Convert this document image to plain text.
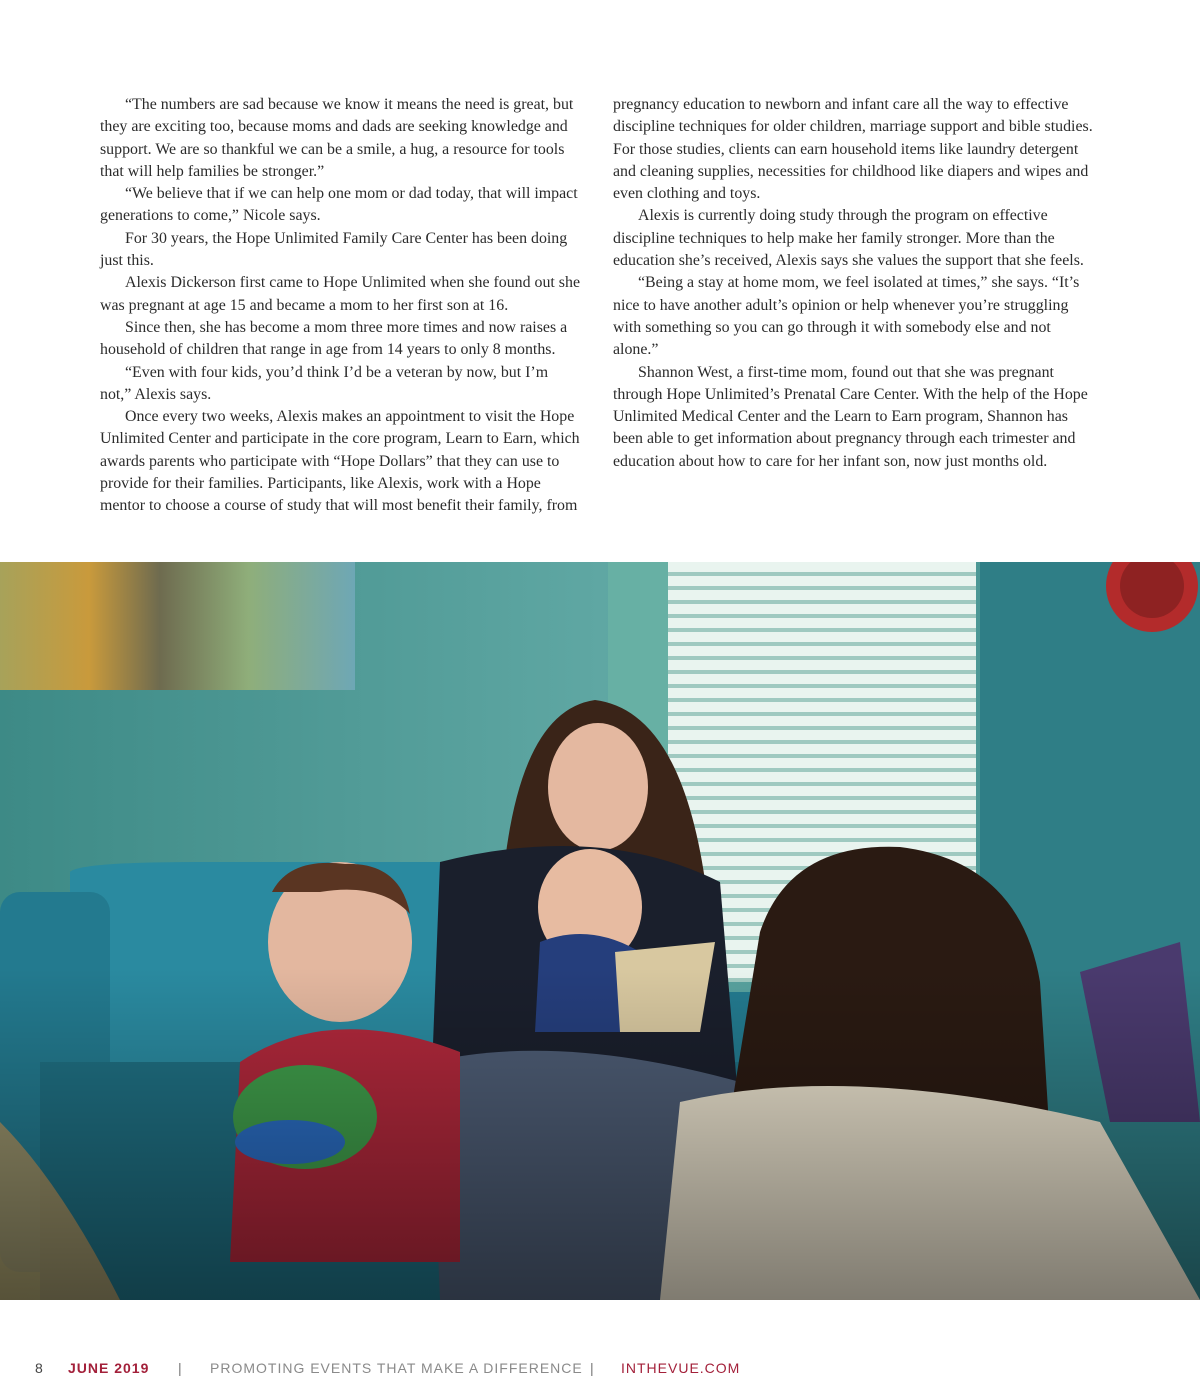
“The numbers are sad because we know it means the need is great, but they are exciting too, because moms and dads are seeking knowledge and support. We are so thankful we can be a smile, a hug, a resource for tools that will help families be stronger.”

“We believe that if we can help one mom or dad today, that will impact generations to come,” Nicole says.

For 30 years, the Hope Unlimited Family Care Center has been doing just this.

Alexis Dickerson first came to Hope Unlimited when she found out she was pregnant at age 15 and became a mom to her first son at 16.

Since then, she has become a mom three more times and now raises a household of children that range in age from 14 years to only 8 months.

“Even with four kids, you’d think I’d be a veteran by now, but I’m not,” Alexis says.

Once every two weeks, Alexis makes an appointment to visit the Hope Unlimited Center and participate in the core program, Learn to Earn, which awards parents who participate with “Hope Dollars” that they can use to provide for their families. Participants, like Alexis, work with a Hope mentor to choose a course of study that will most benefit their family, from

pregnancy education to newborn and infant care all the way to effective discipline techniques for older children, marriage support and bible studies. For those studies, clients can earn household items like laundry detergent and cleaning supplies, necessities for childhood like diapers and wipes and even clothing and toys.

Alexis is currently doing study through the program on effective discipline techniques to help make her family stronger. More than the education she’s received, Alexis says she values the support that she feels.

“Being a stay at home mom, we feel isolated at times,” she says. “It’s nice to have another adult’s opinion or help whenever you’re struggling with something so you can go through it with somebody else and not alone.”

Shannon West, a first-time mom, found out that she was pregnant through Hope Unlimited’s Prenatal Care Center. With the help of the Hope Unlimited Medical Center and the Learn to Earn program, Shannon has been able to get information about pregnancy through each trimester and education about how to care for her infant son, now just months old.

8 JUNE 2019 | PROMOTING EVENTS THAT MAKE A DIFFERENCE | INTHEVUE.COM
